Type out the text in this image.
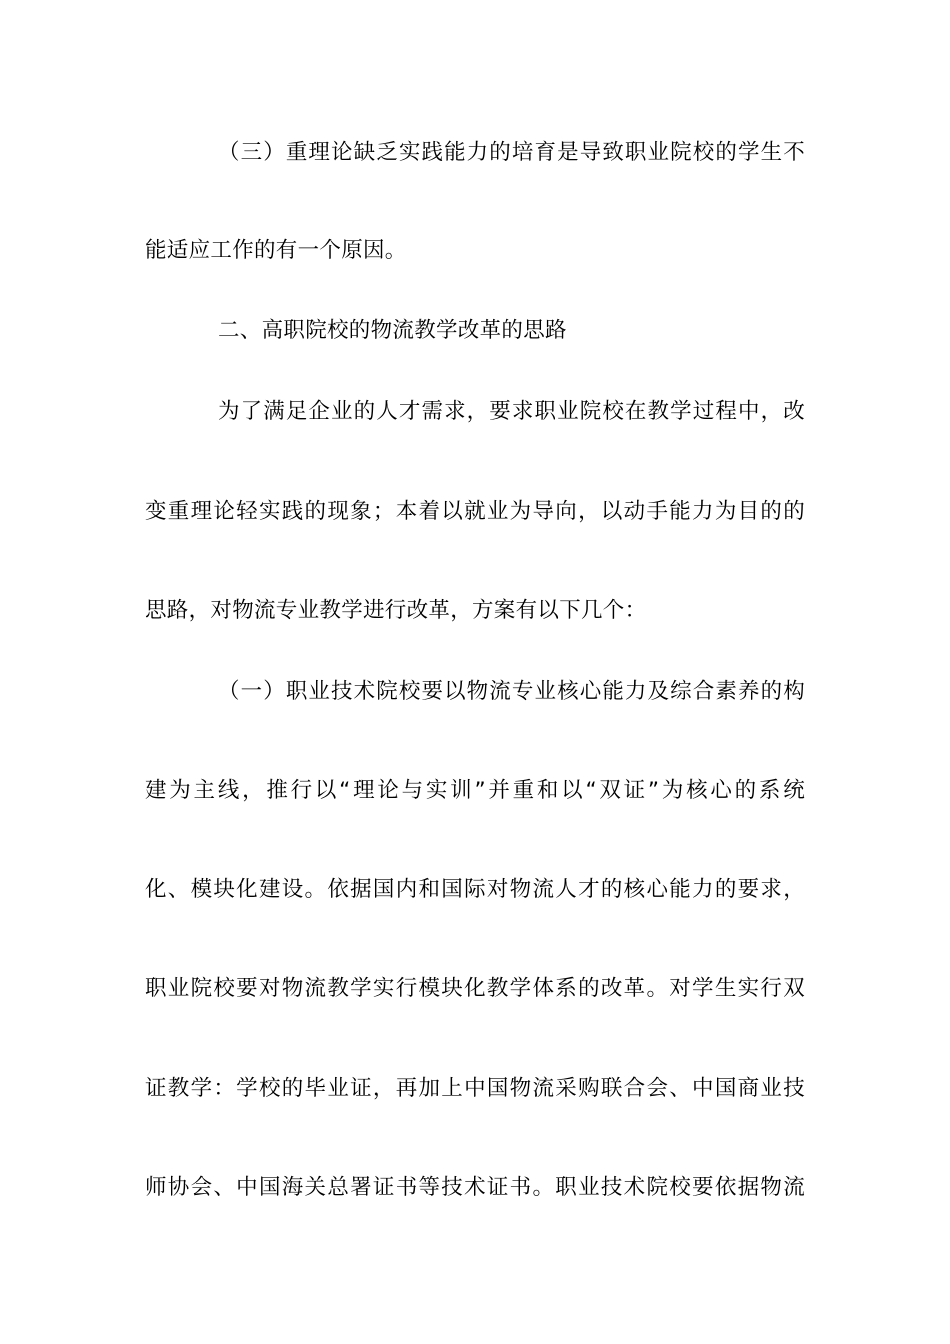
（三）重理论缺乏实践能力的培育是导致职业院校的学生不
能适应工作的有一个原因。
二、高职院校的物流教学改革的思路
为了满足企业的人才需求，要求职业院校在教学过程中，改
变重理论轻实践的现象；本着以就业为导向，以动手能力为目的的
思路，对物流专业教学进行改革，方案有以下几个：
（一）职业技术院校要以物流专业核心能力及综合素养的构
建为主线，推行以“理论与实训”并重和以“双证”为核心的系统
化、模块化建设。依据国内和国际对物流人才的核心能力的要求，
职业院校要对物流教学实行模块化教学体系的改革。对学生实行双
证教学：学校的毕业证，再加上中国物流采购联合会、中国商业技
师协会、中国海关总署证书等技术证书。职业技术院校要依据物流
